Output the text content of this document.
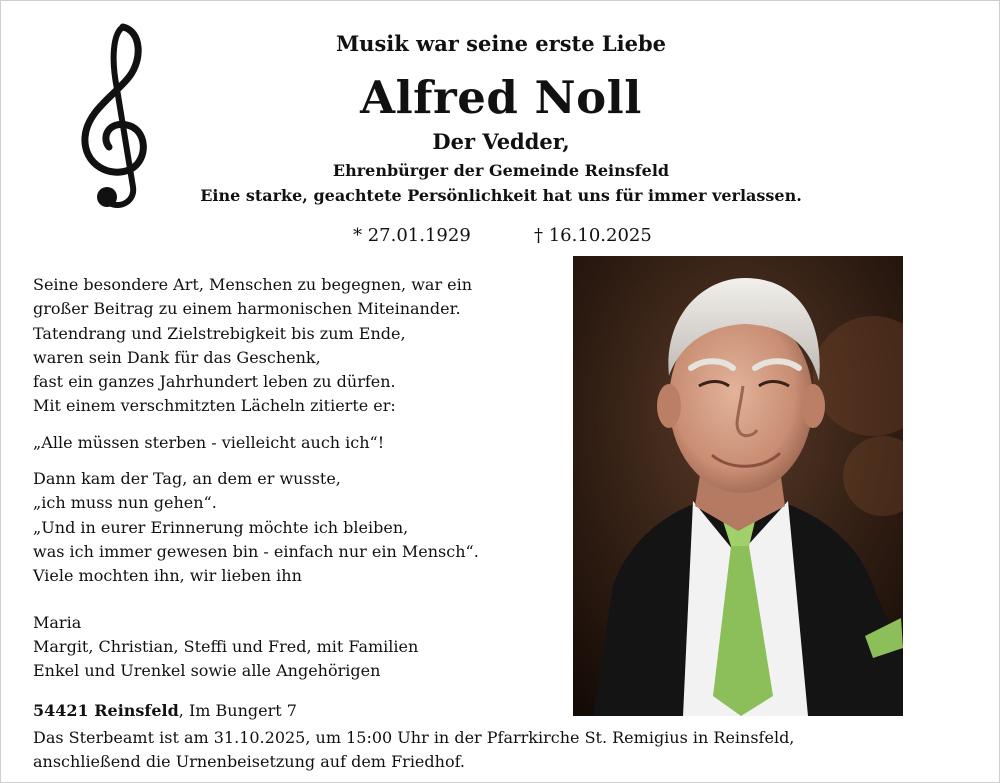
Musik war seine erste Liebe
Alfred Noll
Der Vedder,
Ehrenbürger der Gemeinde Reinsfeld
Eine starke, geachtete Persönlichkeit hat uns für immer verlassen.
* 27.01.1929	† 16.10.2025
Seine besondere Art, Menschen zu begegnen, war ein
großer Beitrag zu einem harmonischen Miteinander.
Tatendrang und Zielstrebigkeit bis zum Ende,
waren sein Dank für das Geschenk,
fast ein ganzes Jahrhundert leben zu dürfen.
Mit einem verschmitzten Lächeln zitierte er:
„Alle müssen sterben - vielleicht auch ich“!
Dann kam der Tag, an dem er wusste,
„ich muss nun gehen“.
„Und in eurer Erinnerung möchte ich bleiben,
was ich immer gewesen bin - einfach nur ein Mensch“.
Viele mochten ihn, wir lieben ihn
Maria
Margit, Christian, Steffi und Fred, mit Familien
Enkel und Urenkel sowie alle Angehörigen
54421 Reinsfeld, Im Bungert 7
Das Sterbeamt ist am 31.10.2025, um 15:00 Uhr in der Pfarrkirche St. Remigius in Reinsfeld,
anschließend die Urnenbeisetzung auf dem Friedhof.
